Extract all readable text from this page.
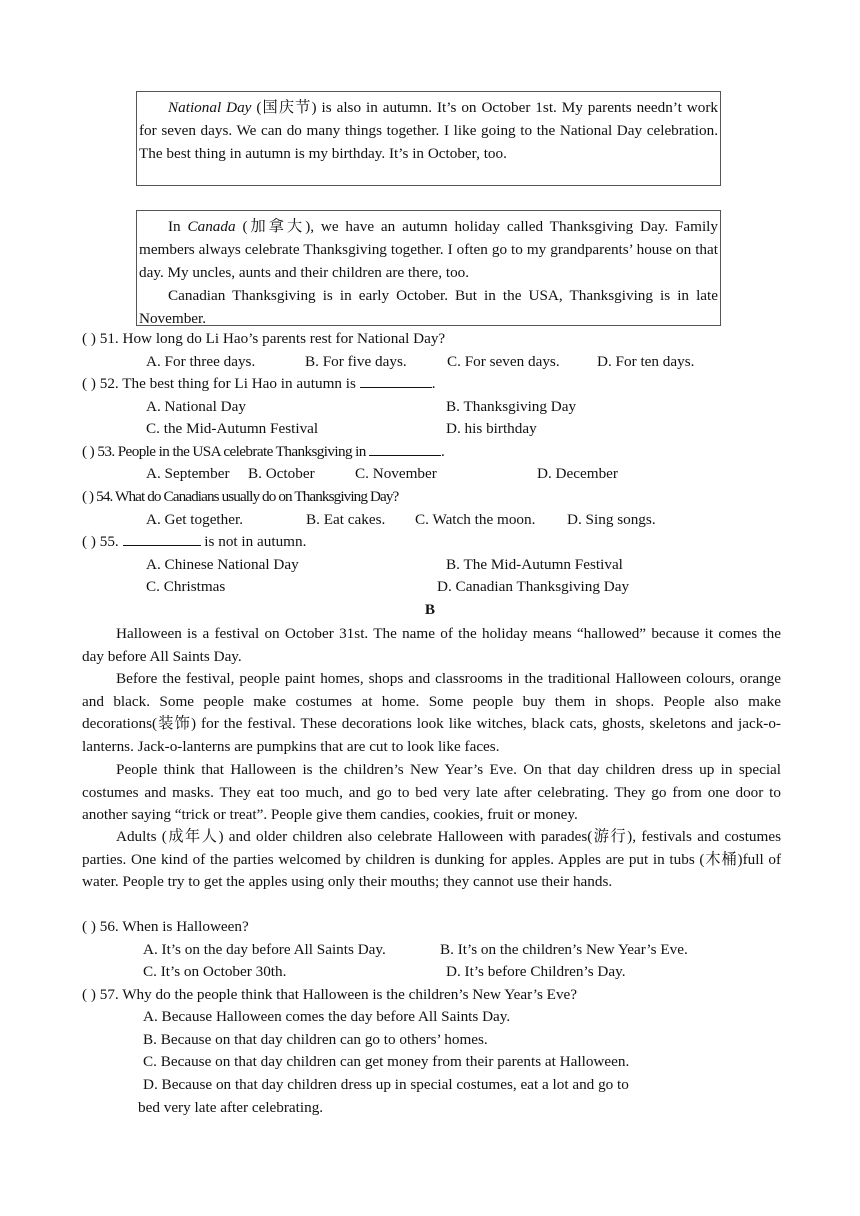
National Day (国庆节) is also in autumn. It’s on October 1st. My parents needn’t work for seven days. We can do many things together. I like going to the National Day celebration. The best thing in autumn is my birthday. It’s in October, too.

In Canada (加拿大), we have an autumn holiday called Thanksgiving Day. Family members always celebrate Thanksgiving together. I often go to my grandparents’ house on that day. My uncles, aunts and their children are there, too.

Canadian Thanksgiving is in early October. But in the USA, Thanksgiving is in late November.

( ) 51. How long do Li Hao’s parents rest for National Day?
A. For three days.	B. For five days.	C. For seven days. D. For ten days.
( ) 52. The best thing for Li Hao in autumn is	.
A. National Day	B. Thanksgiving Day
C. the Mid-Autumn Festival	D. his birthday
( ) 53. People in the USA celebrate Thanksgiving in	.
A. September B. October	C. November	D. December
( ) 54. What do Canadians usually do on Thanksgiving Day?
A. Get together.	B. Eat cakes. C. Watch the moon. D. Sing songs.
( ) 55.	is not in autumn.
A. Chinese National Day	B. The Mid-Autumn Festival
C. Christmas	D. Canadian Thanksgiving Day
B

Halloween is a festival on October 31st. The name of the holiday means “hallowed” because it comes the day before All Saints Day.

Before the festival, people paint homes, shops and classrooms in the traditional Halloween colours, orange and black. Some people make costumes at home. Some people buy them in shops. People also make decorations(装饰) for the festival. These decorations look like witches, black cats, ghosts, skeletons and jack-o-lanterns. Jack-o-lanterns are pumpkins that are cut to look like faces.

People think that Halloween is the children’s New Year’s Eve. On that day children dress up in special costumes and masks. They eat too much, and go to bed very late after celebrating. They go from one door to another saying “trick or treat”. People give them candies, cookies, fruit or money.

Adults (成年人) and older children also celebrate Halloween with parades(游行), festivals and costumes parties. One kind of the parties welcomed by children is dunking for apples. Apples are put in tubs (木桶)full of water. People try to get the apples using only their mouths; they cannot use their hands.

( ) 56. When is Halloween?
A. It’s on the day before All Saints Day.	B. It’s on the children’s New Year’s Eve.
C. It’s on October 30th.	D. It’s before Children’s Day.
( ) 57. Why do the people think that Halloween is the children’s New Year’s Eve?
A. Because Halloween comes the day before All Saints Day.
B. Because on that day children can go to others’ homes.
C. Because on that day children can get money from their parents at Halloween.
D. Because on that day children dress up in special costumes, eat a lot and go to
bed very late after celebrating.
